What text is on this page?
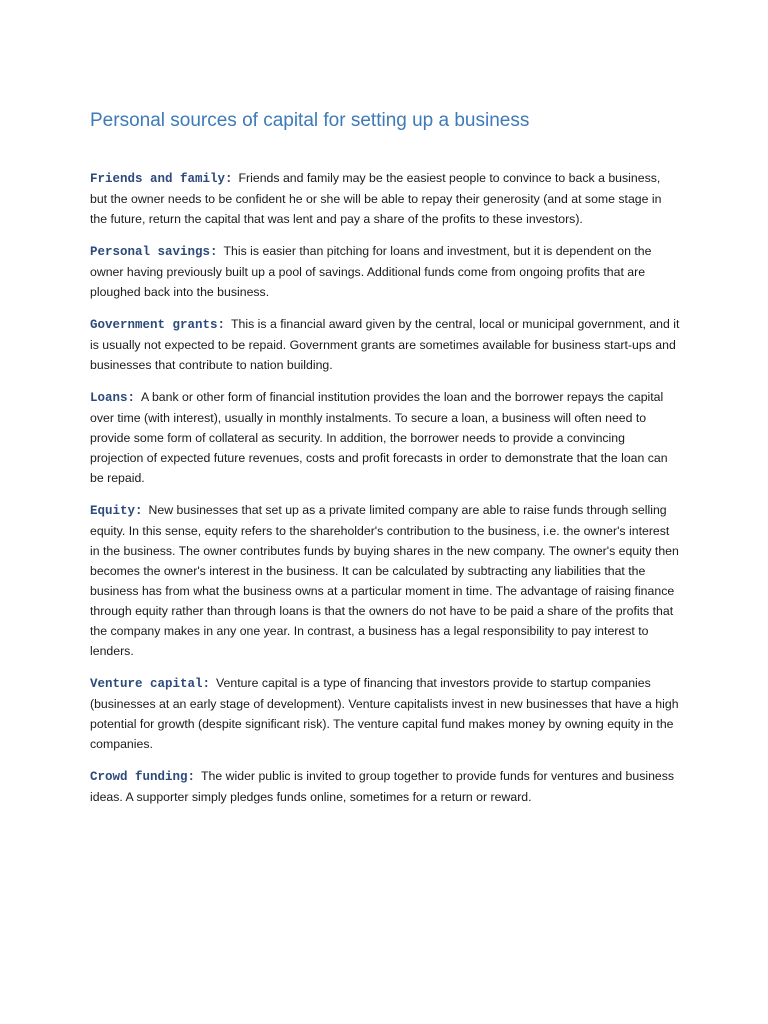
Personal sources of capital for setting up a business

Friends and family: Friends and family may be the easiest people to convince to back a business, but the owner needs to be confident he or she will be able to repay their generosity (and at some stage in the future, return the capital that was lent and pay a share of the profits to these investors).

Personal savings: This is easier than pitching for loans and investment, but it is dependent on the owner having previously built up a pool of savings. Additional funds come from ongoing profits that are ploughed back into the business.

Government grants: This is a financial award given by the central, local or municipal government, and it is usually not expected to be repaid. Government grants are sometimes available for business start-ups and businesses that contribute to nation building.

Loans: A bank or other form of financial institution provides the loan and the borrower repays the capital over time (with interest), usually in monthly instalments. To secure a loan, a business will often need to provide some form of collateral as security. In addition, the borrower needs to provide a convincing projection of expected future revenues, costs and profit forecasts in order to demonstrate that the loan can be repaid.

Equity: New businesses that set up as a private limited company are able to raise funds through selling equity. In this sense, equity refers to the shareholder's contribution to the business, i.e. the owner's interest in the business. The owner contributes funds by buying shares in the new company. The owner's equity then becomes the owner's interest in the business. It can be calculated by subtracting any liabilities that the business has from what the business owns at a particular moment in time. The advantage of raising finance through equity rather than through loans is that the owners do not have to be paid a share of the profits that the company makes in any one year. In contrast, a business has a legal responsibility to pay interest to lenders.

Venture capital: Venture capital is a type of financing that investors provide to startup companies (businesses at an early stage of development). Venture capitalists invest in new businesses that have a high potential for growth (despite significant risk). The venture capital fund makes money by owning equity in the companies.

Crowd funding: The wider public is invited to group together to provide funds for ventures and business ideas. A supporter simply pledges funds online, sometimes for a return or reward.
